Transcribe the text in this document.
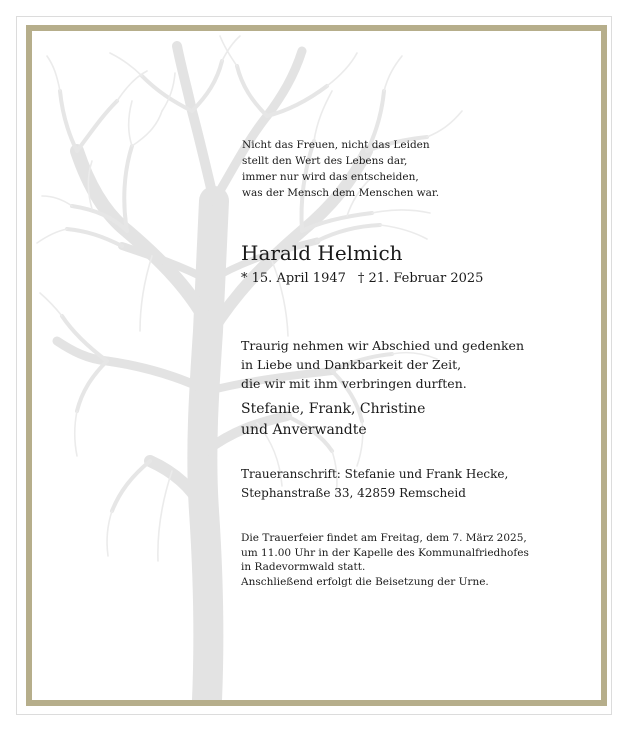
Nicht das Freuen, nicht das Leiden
stellt den Wert des Lebens dar,
immer nur wird das entscheiden,
was der Mensch dem Menschen war.
Harald Helmich
* 15. April 1947 † 21. Februar 2025
Traurig nehmen wir Abschied und gedenken
in Liebe und Dankbarkeit der Zeit,
die wir mit ihm verbringen durften.
Stefanie, Frank, Christine
und Anverwandte
Traueranschrift: Stefanie und Frank Hecke,
Stephanstraße 33, 42859 Remscheid
Die Trauerfeier findet am Freitag, dem 7. März 2025,
um 11.00 Uhr in der Kapelle des Kommunalfriedhofes
in Radevormwald statt.
Anschließend erfolgt die Beisetzung der Urne.
